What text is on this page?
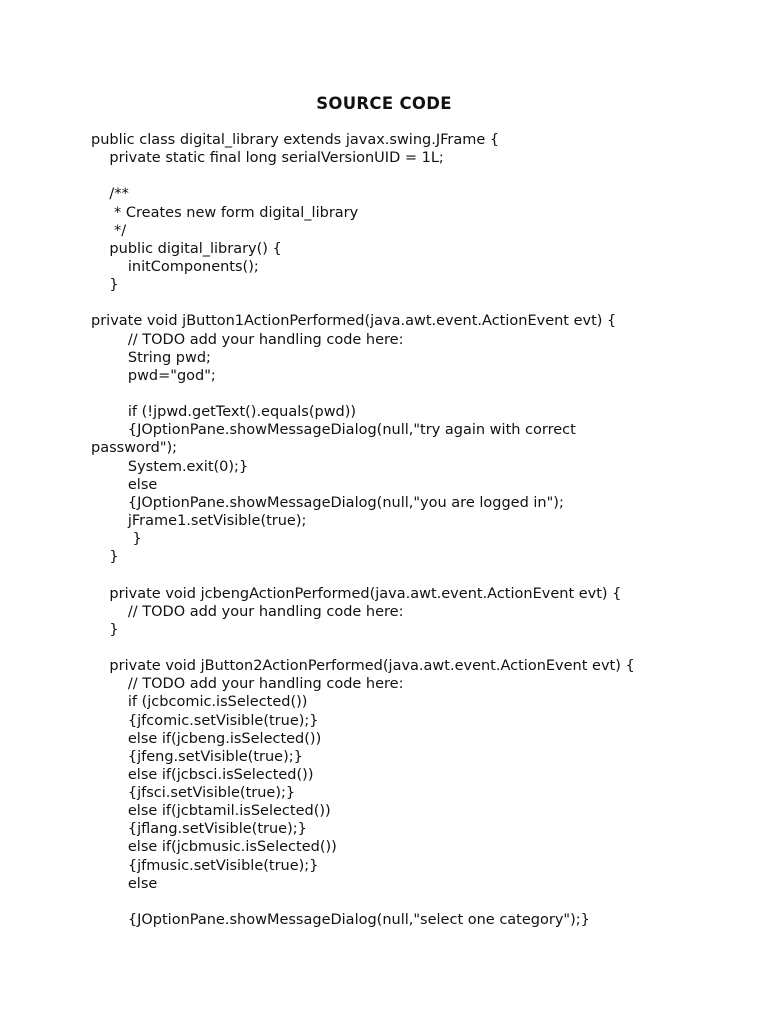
SOURCE CODE
public class digital_library extends javax.swing.JFrame {
private static final long serialVersionUID = 1L;
/**
* Creates new form digital_library
*/
public digital_library() {
initComponents();
}
private void jButton1ActionPerformed(java.awt.event.ActionEvent evt) {
// TODO add your handling code here:
String pwd;
pwd="god";
if (!jpwd.getText().equals(pwd))
{JOptionPane.showMessageDialog(null,"try again with correct
password");
System.exit(0);}
else
{JOptionPane.showMessageDialog(null,"you are logged in");
jFrame1.setVisible(true);
}
}
private void jcbengActionPerformed(java.awt.event.ActionEvent evt) {
// TODO add your handling code here:
}
private void jButton2ActionPerformed(java.awt.event.ActionEvent evt) {
// TODO add your handling code here:
if (jcbcomic.isSelected())
{jfcomic.setVisible(true);}
else if(jcbeng.isSelected())
{jfeng.setVisible(true);}
else if(jcbsci.isSelected())
{jfsci.setVisible(true);}
else if(jcbtamil.isSelected())
{jflang.setVisible(true);}
else if(jcbmusic.isSelected())
{jfmusic.setVisible(true);}
else
{JOptionPane.showMessageDialog(null,"select one category");}
